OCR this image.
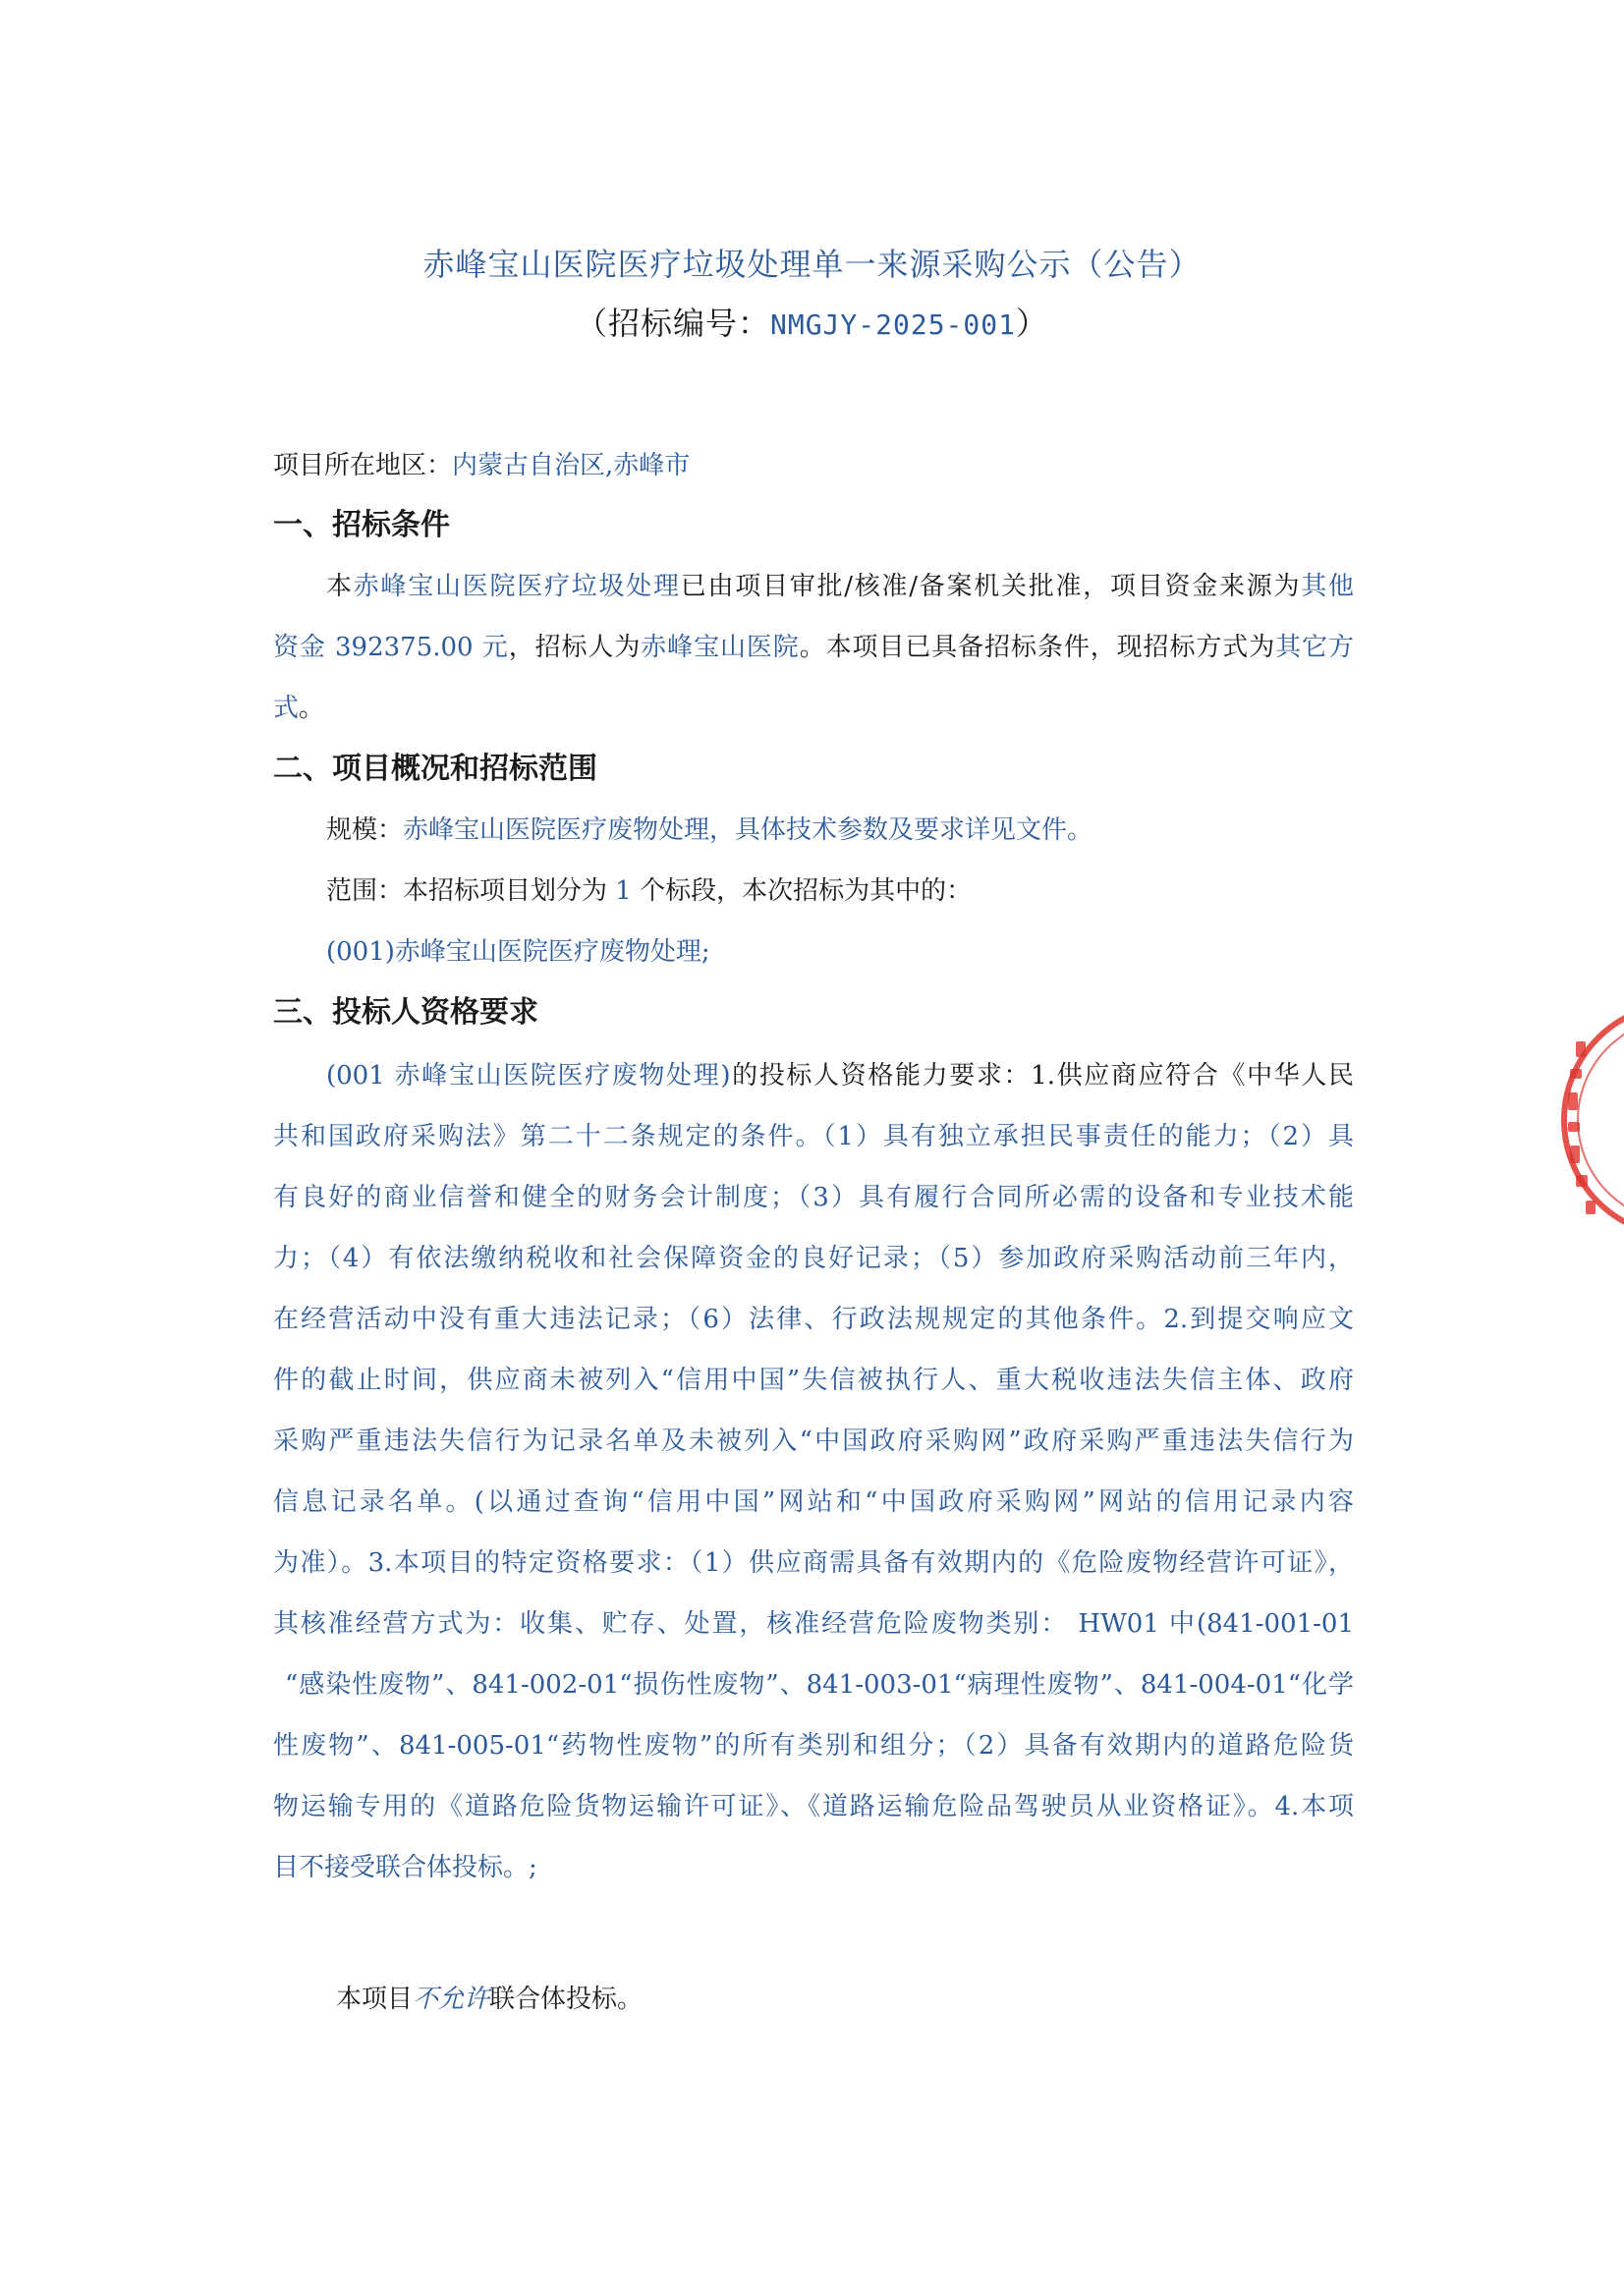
赤峰宝山医院医疗垃圾处理单一来源采购公示（公告）
（招标编号：NMGJY-2025-001）
项目所在地区：内蒙古自治区,赤峰市
一、招标条件
本赤峰宝山医院医疗垃圾处理已由项目审批/核准/备案机关批准，项目资金来源为其他
资金 392375.00 元，招标人为赤峰宝山医院。本项目已具备招标条件，现招标方式为其它方
式。
二、项目概况和招标范围
规模：赤峰宝山医院医疗废物处理，具体技术参数及要求详见文件。
范围：本招标项目划分为 1 个标段，本次招标为其中的：
(001)赤峰宝山医院医疗废物处理;
三、投标人资格要求
(001 赤峰宝山医院医疗废物处理)的投标人资格能力要求：1.供应商应符合《中华人民
共和国政府采购法》第二十二条规定的条件。（1）具有独立承担民事责任的能力；（2）具
有良好的商业信誉和健全的财务会计制度；（3）具有履行合同所必需的设备和专业技术能
力；（4）有依法缴纳税收和社会保障资金的良好记录；（5）参加政府采购活动前三年内，
在经营活动中没有重大违法记录；（6）法律、行政法规规定的其他条件。2.到提交响应文
件的截止时间，供应商未被列入“信用中国”失信被执行人、重大税收违法失信主体、政府
采购严重违法失信行为记录名单及未被列入“中国政府采购网”政府采购严重违法失信行为
信息记录名单。(以通过查询“信用中国”网站和“中国政府采购网”网站的信用记录内容
为准）。3.本项目的特定资格要求：（1）供应商需具备有效期内的《危险废物经营许可证》，
其核准经营方式为：收集、贮存、处置，核准经营危险废物类别： HW01 中(841-001-01
“感染性废物”、841-002-01“损伤性废物”、841-003-01“病理性废物”、841-004-01“化学
性废物”、841-005-01“药物性废物”的所有类别和组分；（2）具备有效期内的道路危险货
物运输专用的《道路危险货物运输许可证》、《道路运输危险品驾驶员从业资格证》。4.本项
目不接受联合体投标。;
本项目不允许联合体投标。
